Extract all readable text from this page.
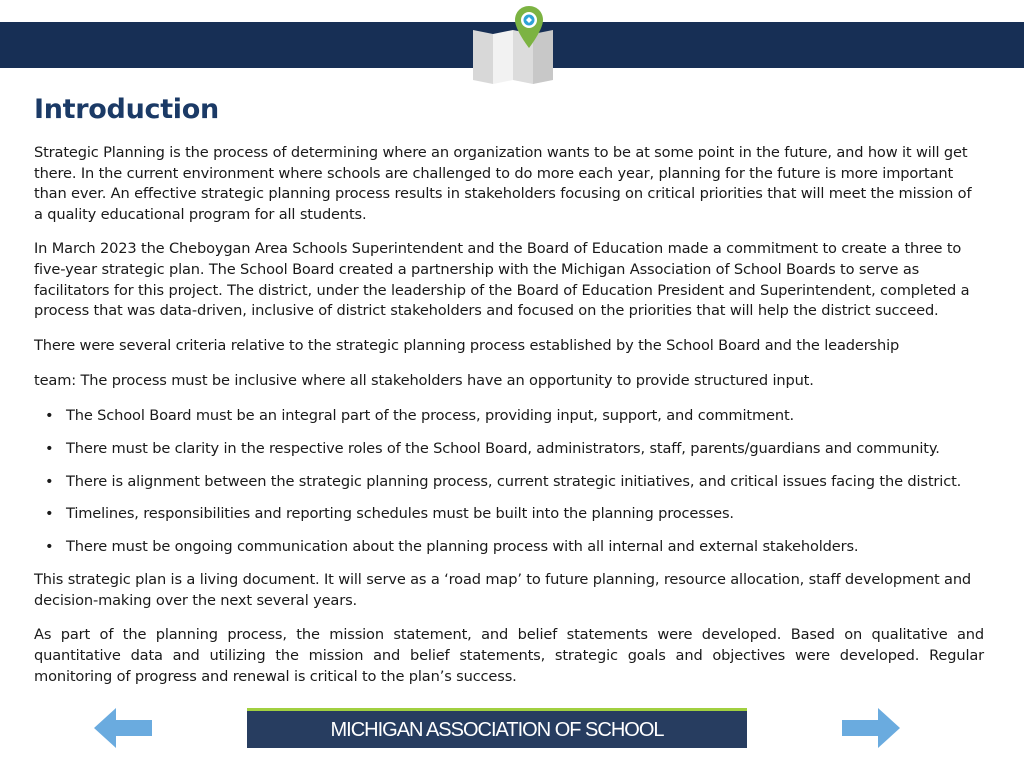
Introduction

Strategic Planning is the process of determining where an organization wants to be at some point in the future, and how it will get there. In the current environment where schools are challenged to do more each year, planning for the future is more important than ever. An effective strategic planning process results in stakeholders focusing on critical priorities that will meet the mission of a quality educational program for all students.

In March 2023 the Cheboygan Area Schools Superintendent and the Board of Education made a commitment to create a three to five-year strategic plan. The School Board created a partnership with the Michigan Association of School Boards to serve as facilitators for this project. The district, under the leadership of the Board of Education President and Superintendent, completed a process that was data-driven, inclusive of district stakeholders and focused on the priorities that will help the district succeed.

There were several criteria relative to the strategic planning process established by the School Board and the leadership

team: The process must be inclusive where all stakeholders have an opportunity to provide structured input.

• The School Board must be an integral part of the process, providing input, support, and commitment.
• There must be clarity in the respective roles of the School Board, administrators, staff, parents/guardians and community.
• There is alignment between the strategic planning process, current strategic initiatives, and critical issues facing the district.
• Timelines, responsibilities and reporting schedules must be built into the planning processes.
• There must be ongoing communication about the planning process with all internal and external stakeholders.

This strategic plan is a living document. It will serve as a ‘road map’ to future planning, resource allocation, staff development and decision-making over the next several years.

As part of the planning process, the mission statement, and belief statements were developed. Based on qualitative and quantitative data and utilizing the mission and belief statements, strategic goals and objectives were developed. Regular monitoring of progress and renewal is critical to the plan’s success.

MICHIGAN ASSOCIATION OF SCHOOL
